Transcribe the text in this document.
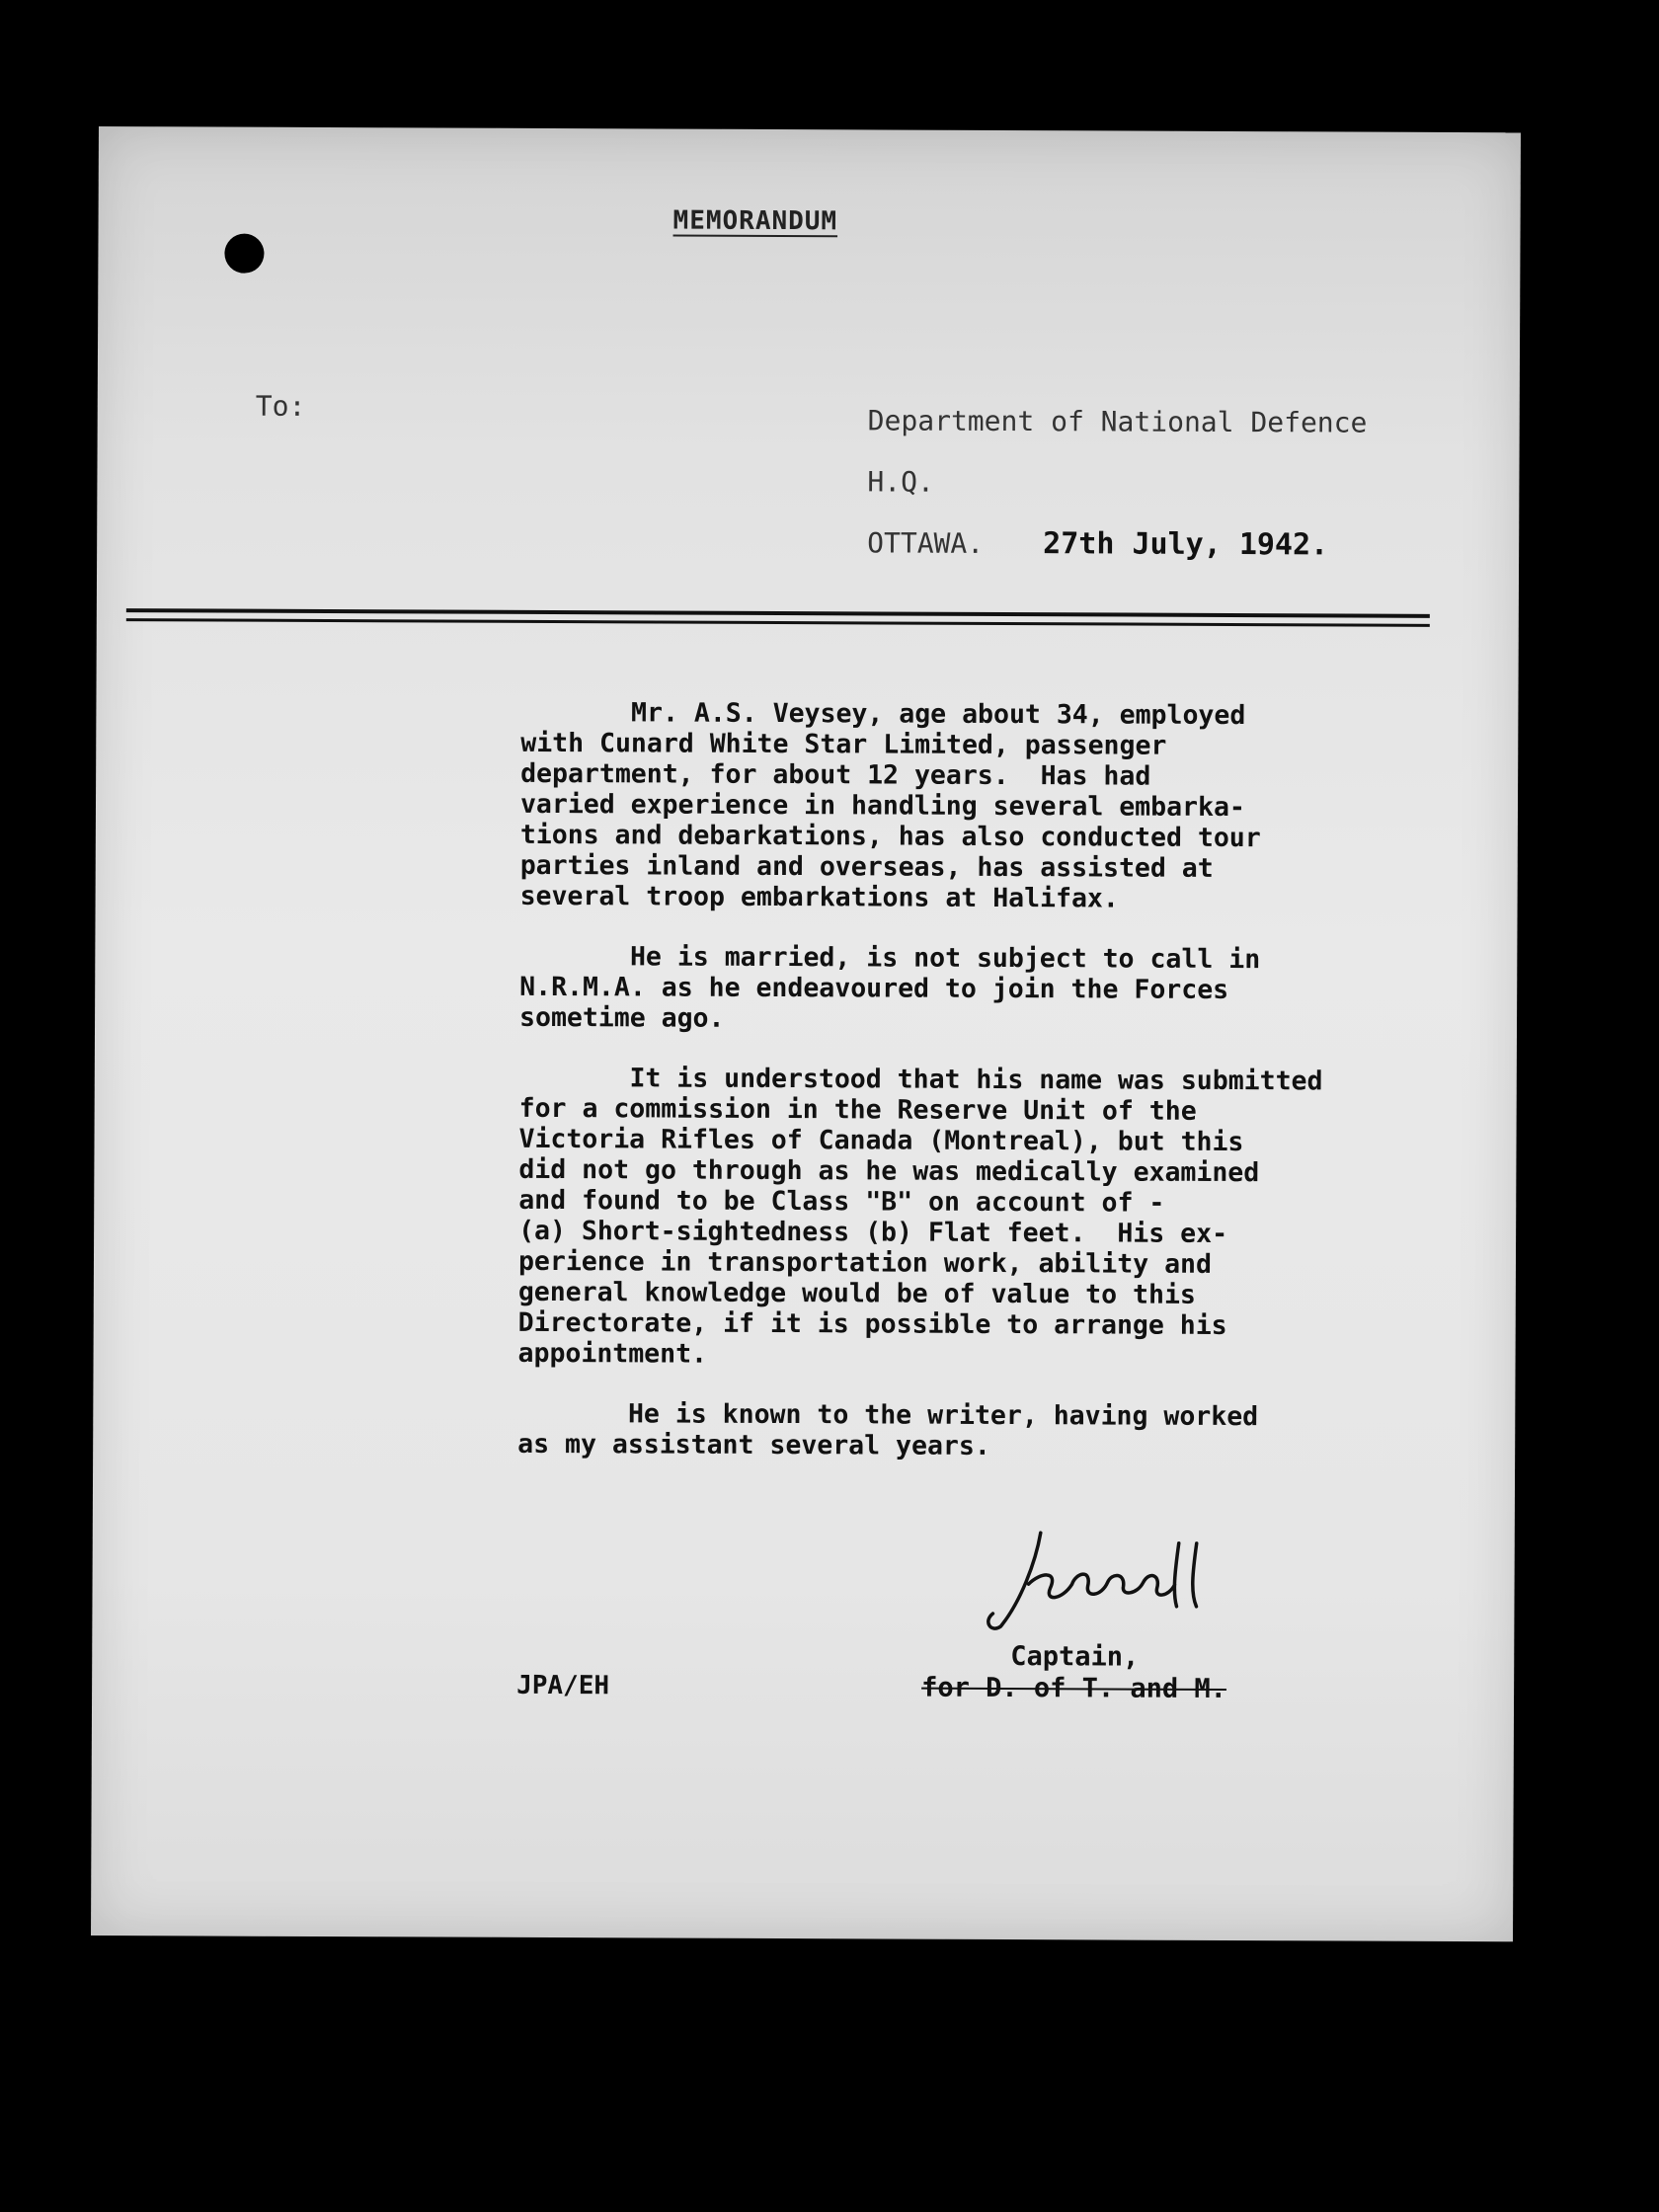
MEMORANDUM
To:	Department of National Defence
H.Q.
OTTAWA. 27th July, 1942.

Mr. A.S. Veysey, age about 34, employed
with Cunard White Star Limited, passenger
department, for about 12 years.  Has had
varied experience in handling several embarka-
tions and debarkations, has also conducted tour
parties inland and overseas, has assisted at
several troop embarkations at Halifax.

He is married, is not subject to call in
N.R.M.A. as he endeavoured to join the Forces
sometime ago.

It is understood that his name was submitted
for a commission in the Reserve Unit of the
Victoria Rifles of Canada (Montreal), but this
did not go through as he was medically examined
and found to be Class "B" on account of -
(a) Short-sightedness (b) Flat feet.  His ex-
perience in transportation work, ability and
general knowledge would be of value to this
Directorate, if it is possible to arrange his
appointment.

He is known to the writer, having worked
as my assistant several years.

Captain,
for D. of T. and M.
JPA/EH
